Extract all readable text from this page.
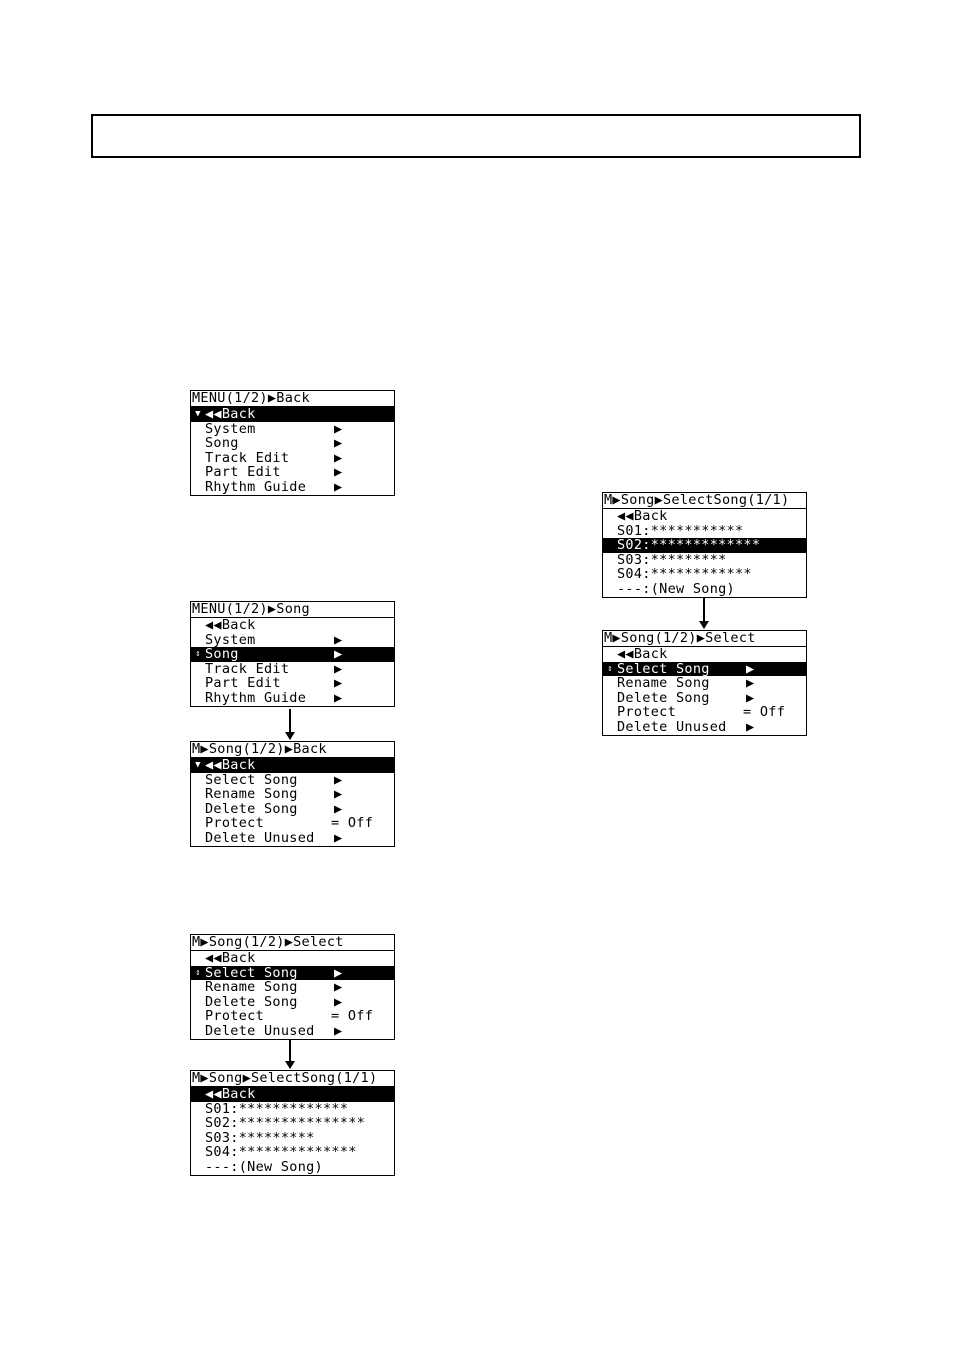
MENU(1/2)▶Back
▼ ◀◀Back
System	▶
Song	▶
Track Edit	▶
Part Edit	▶
Rhythm Guide ▶
MENU(1/2)▶Song
◀◀Back
System	▶
⇕ Song	▶
Track Edit	▶
Part Edit	▶
Rhythm Guide ▶
M▶Song(1/2)▶Back
▼ ◀◀Back
Select Song	▶
Rename Song	▶
Delete Song	▶
Protect	= Off
Delete Unused ▶
M▶Song(1/2)▶Select
◀◀Back
⇕ Select Song	▶
Rename Song	▶
Delete Song	▶
Protect	= Off
Delete Unused ▶
M▶Song▶SelectSong(1/1)
◀◀Back
S01:*************
S02:***************
S03:*********
S04:**************
---:(New Song)
M▶Song▶SelectSong(1/1)
◀◀Back
S01:***********
S02:*************
S03:*********
S04:************
---:(New Song)
M▶Song(1/2)▶Select
◀◀Back
⇕ Select Song	▶
Rename Song	▶
Delete Song	▶
Protect	= Off
Delete Unused ▶
